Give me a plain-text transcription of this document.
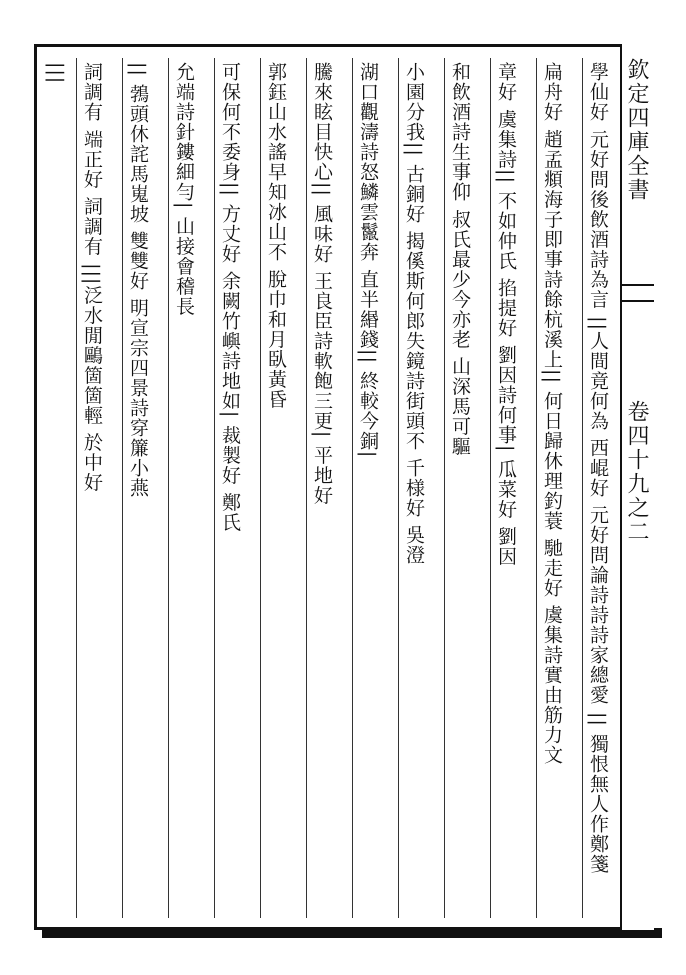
欽定四庫全書
卷四十九之二
學仙好 元好問後飲酒詩為言 ||人間竟何為 西崐好 元好問論詩詩詩家總愛 || 獨恨無人作鄭箋
扁舟好 趙孟頫海子即事詩餘杭溪上|| 何日歸休理釣蓑 馳走好 虞集詩實由筋力文
章好 虞集詩|| 不如仲氏 掐提好 劉因詩何事| 瓜菜好 劉因
和飲酒詩生事仰 叔氏最少今亦老 山深馬可驅
小園分我|| 古銅好 揭傒斯何郎失鏡詩街頭不 千様好 吳澄
湖口觀濤詩怒鱗雲鬣奔 直半緡錢|| 終較今銅|
騰來眩目快心|| 風味好 王良臣詩軟飽三更| 平地好
郭鈺山水謠早知冰山不 脫巾和月臥黃昏
可保何不委身|| 方丈好 余闕竹嶼詩地如| 裁製好 鄭氏
允端詩針鏤細勻| 山接會稽長
|| 鵓頭休詫馬嵬坡 雙雙好 明宣宗四景詩穿簾小燕
詞調有 端正好 詞調有 |||泛水閒鷗箇箇輕 於中好
|||
